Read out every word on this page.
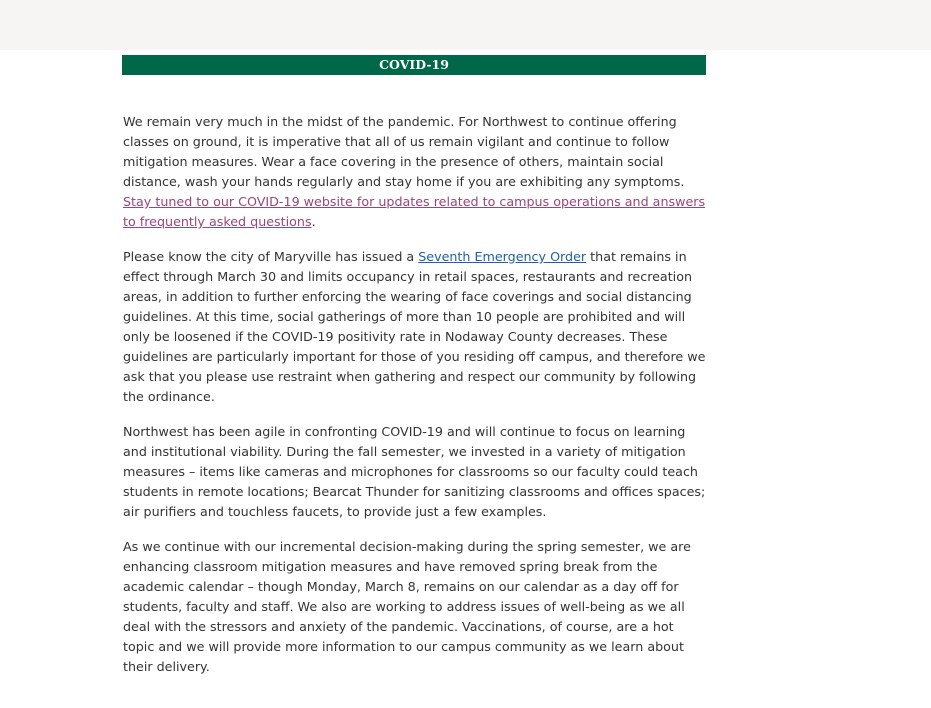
COVID-19

We remain very much in the midst of the pandemic. For Northwest to continue offering classes on ground, it is imperative that all of us remain vigilant and continue to follow mitigation measures. Wear a face covering in the presence of others, maintain social distance, wash your hands regularly and stay home if you are exhibiting any symptoms. Stay tuned to our COVID-19 website for updates related to campus operations and answers to frequently asked questions.

Please know the city of Maryville has issued a Seventh Emergency Order that remains in effect through March 30 and limits occupancy in retail spaces, restaurants and recreation areas, in addition to further enforcing the wearing of face coverings and social distancing guidelines. At this time, social gatherings of more than 10 people are prohibited and will only be loosened if the COVID-19 positivity rate in Nodaway County decreases. These guidelines are particularly important for those of you residing off campus, and therefore we ask that you please use restraint when gathering and respect our community by following the ordinance.

Northwest has been agile in confronting COVID-19 and will continue to focus on learning and institutional viability. During the fall semester, we invested in a variety of mitigation measures – items like cameras and microphones for classrooms so our faculty could teach students in remote locations; Bearcat Thunder for sanitizing classrooms and offices spaces; air purifiers and touchless faucets, to provide just a few examples.

As we continue with our incremental decision-making during the spring semester, we are enhancing classroom mitigation measures and have removed spring break from the academic calendar – though Monday, March 8, remains on our calendar as a day off for students, faculty and staff. We also are working to address issues of well-being as we all deal with the stressors and anxiety of the pandemic. Vaccinations, of course, are a hot topic and we will provide more information to our campus community as we learn about their delivery.
